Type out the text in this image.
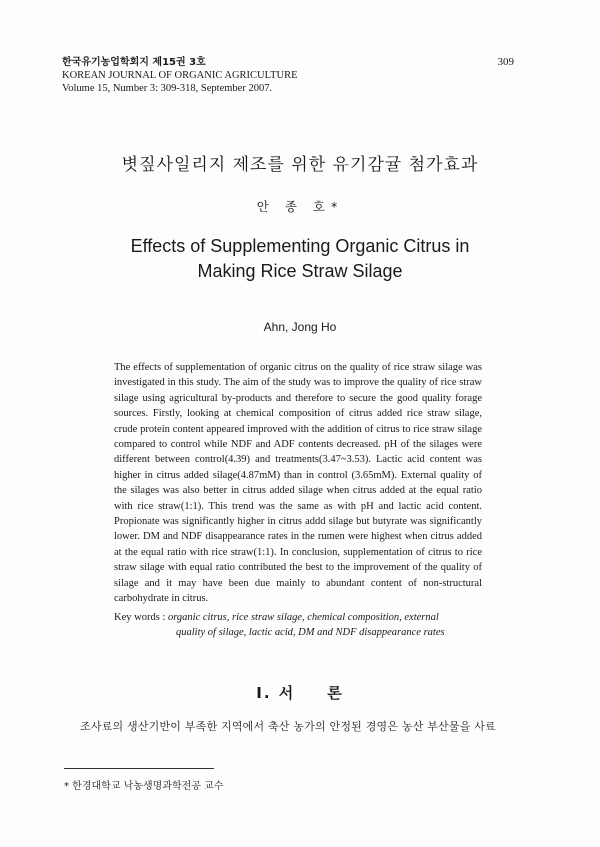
한국유기농업학회지 제15권 3호
KOREAN JOURNAL OF ORGANIC AGRICULTURE
Volume 15, Number 3: 309-318, September 2007.
309
볏짚사일리지 제조를 위한 유기감귤 첨가효과
안 종 호*
Effects of Supplementing Organic Citrus in
Making Rice Straw Silage
Ahn, Jong Ho
The effects of supplementation of organic citrus on the quality of rice straw silage was investigated in this study. The aim of the study was to improve the quality of rice straw silage using agricultural by-products and therefore to secure the good quality forage sources. Firstly, looking at chemical composition of citrus added rice straw silage, crude protein content appeared improved with the addition of citrus to rice straw silage compared to control while NDF and ADF contents decreased. pH of the silages were different between control(4.39) and treatments(3.47~3.53). Lactic acid content was higher in citrus added silage(4.87mM) than in control (3.65mM). External quality of the silages was also better in citrus added silage when citrus added at the equal ratio with rice straw(1:1). This trend was the same as with pH and lactic acid content. Propionate was significantly higher in citrus addd silage but butyrate was significantly lower. DM and NDF disappearance rates in the rumen were highest when citrus added at the equal ratio with rice straw(1:1). In conclusion, supplementation of citrus to rice straw silage with equal ratio contributed the best to the improvement of the quality of silage and it may have been due mainly to abundant content of non-structural carbohydrate in citrus.
Key words : organic citrus, rice straw silage, chemical composition, external
quality of silage, lactic acid, DM and NDF disappearance rates
I. 서 론
조사료의 생산기반이 부족한 지역에서 축산 농가의 안정된 경영은 농산 부산물을 사료
* 한경대학교 낙농생명과학전공 교수
